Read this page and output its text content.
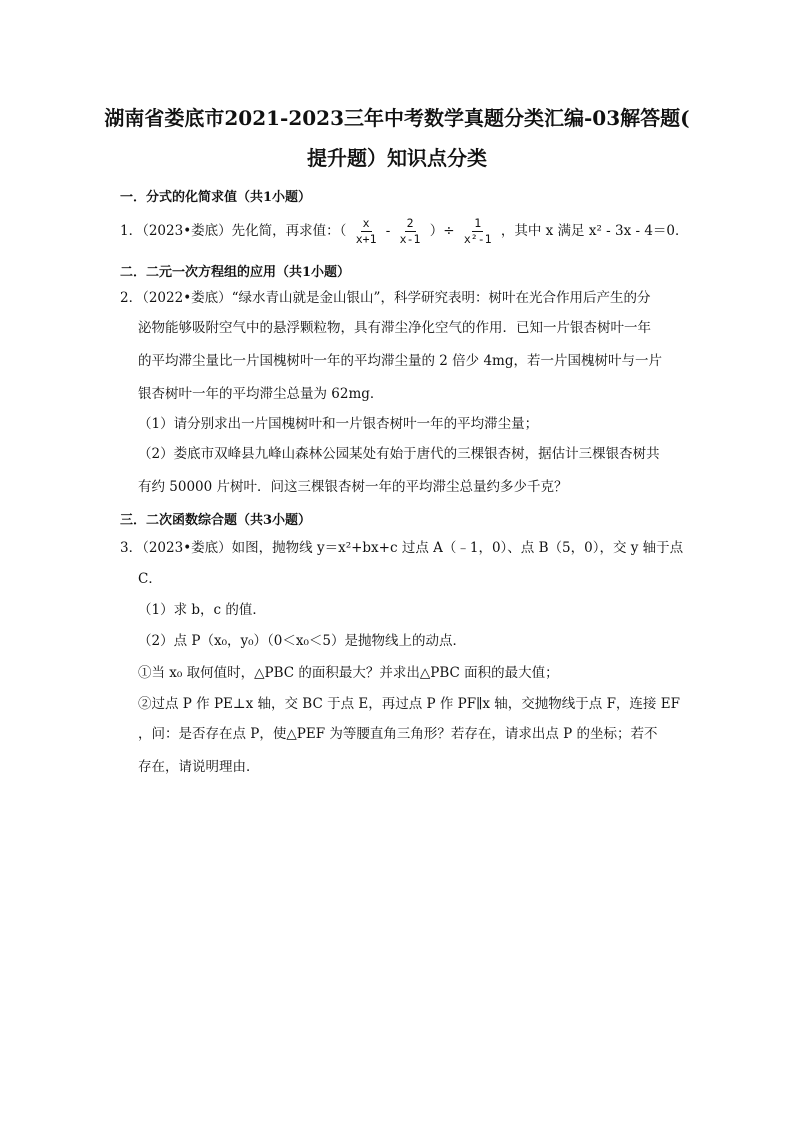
湖南省娄底市2021-2023三年中考数学真题分类汇编-03解答题(
提升题）知识点分类
一．分式的化简求值（共1小题）
1．（2023•娄底）先化简，再求值：（ $\frac{x}{x+1} - \frac{2}{x-1}$ ）÷ $\frac{1}{\text{x²-1}}$ ，其中 x 满足 x² - 3x - 4＝0．
二．二元一次方程组的应用（共1小题）
2．（2022•娄底）“绿水青山就是金山银山”，科学研究表明：树叶在光合作用后产生的分
泌物能够吸附空气中的悬浮颗粒物，具有滞尘净化空气的作用．已知一片银杏树叶一年
的平均滞尘量比一片国槐树叶一年的平均滞尘量的 2 倍少 4mg，若一片国槐树叶与一片
银杏树叶一年的平均滞尘总量为 62mg．
（1）请分别求出一片国槐树叶和一片银杏树叶一年的平均滞尘量；
（2）娄底市双峰县九峰山森林公园某处有始于唐代的三棵银杏树，据估计三棵银杏树共
有约 50000 片树叶．问这三棵银杏树一年的平均滞尘总量约多少千克？
三．二次函数综合题（共3小题）
3．（2023•娄底）如图，抛物线 y＝x²+bx+c 过点 A（﹣1，0）、点 B（5，0），交 y 轴于点
C．
（1）求 b，c 的值．
（2）点 P（x₀，y₀）（0＜x₀＜5）是抛物线上的动点．
①当 x₀ 取何值时，△PBC 的面积最大？并求出△PBC 面积的最大值；
②过点 P 作 PE⊥x 轴，交 BC 于点 E，再过点 P 作 PF∥x 轴，交抛物线于点 F，连接 EF
，问：是否存在点 P，使△PEF 为等腰直角三角形？若存在，请求出点 P 的坐标；若不
存在，请说明理由．
